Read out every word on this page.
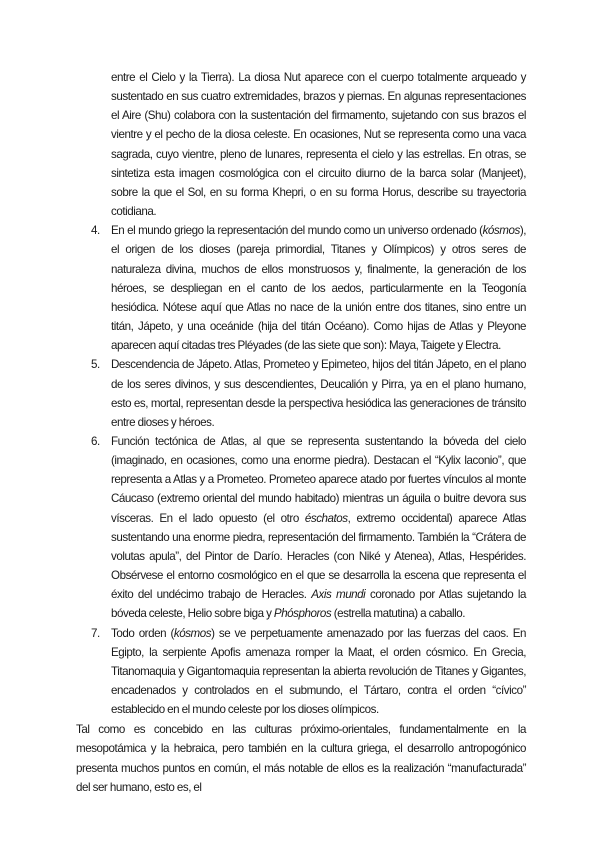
entre el Cielo y la Tierra). La diosa Nut aparece con el cuerpo totalmente arqueado y sustentado en sus cuatro extremidades, brazos y piernas. En algunas representaciones el Aire (Shu) colabora con la sustentación del firmamento, sujetando con sus brazos el vientre y el pecho de la diosa celeste. En ocasiones, Nut se representa como una vaca sagrada, cuyo vientre, pleno de lunares, representa el cielo y las estrellas. En otras, se sintetiza esta imagen cosmológica con el circuito diurno de la barca solar (Manjeet), sobre la que el Sol, en su forma Khepri, o en su forma Horus, describe su trayectoria cotidiana.

4. En el mundo griego la representación del mundo como un universo ordenado (kósmos), el origen de los dioses (pareja primordial, Titanes y Olímpicos) y otros seres de naturaleza divina, muchos de ellos monstruosos y, finalmente, la generación de los héroes, se despliegan en el canto de los aedos, particularmente en la Teogonía hesiódica. Nótese aquí que Atlas no nace de la unión entre dos titanes, sino entre un titán, Jápeto, y una oceánide (hija del titán Océano). Como hijas de Atlas y Pleyone aparecen aquí citadas tres Pléyades (de las siete que son): Maya, Taigete y Electra.

5. Descendencia de Jápeto. Atlas, Prometeo y Epimeteo, hijos del titán Jápeto, en el plano de los seres divinos, y sus descendientes, Deucalión y Pirra, ya en el plano humano, esto es, mortal, representan desde la perspectiva hesiódica las generaciones de tránsito entre dioses y héroes.

6. Función tectónica de Atlas, al que se representa sustentando la bóveda del cielo (imaginado, en ocasiones, como una enorme piedra). Destacan el “Kylix laconio”, que representa a Atlas y a Prometeo. Prometeo aparece atado por fuertes vínculos al monte Cáucaso (extremo oriental del mundo habitado) mientras un águila o buitre devora sus vísceras. En el lado opuesto (el otro éschatos, extremo occidental) aparece Atlas sustentando una enorme piedra, representación del firmamento. También la “Crátera de volutas apula”, del Pintor de Darío. Heracles (con Niké y Atenea), Atlas, Hespérides. Obsérvese el entorno cosmológico en el que se desarrolla la escena que representa el éxito del undécimo trabajo de Heracles. Axis mundi coronado por Atlas sujetando la bóveda celeste, Helio sobre biga y Phósphoros (estrella matutina) a caballo.

7. Todo orden (kósmos) se ve perpetuamente amenazado por las fuerzas del caos. En Egipto, la serpiente Apofis amenaza romper la Maat, el orden cósmico. En Grecia, Titanomaquia y Gigantomaquia representan la abierta revolución de Titanes y Gigantes, encadenados y controlados en el submundo, el Tártaro, contra el orden “cívico” establecido en el mundo celeste por los dioses olímpicos.

Tal como es concebido en las culturas próximo-orientales, fundamentalmente en la mesopotámica y la hebraica, pero también en la cultura griega, el desarrollo antropogónico presenta muchos puntos en común, el más notable de ellos es la realización “manufacturada” del ser humano, esto es, el
